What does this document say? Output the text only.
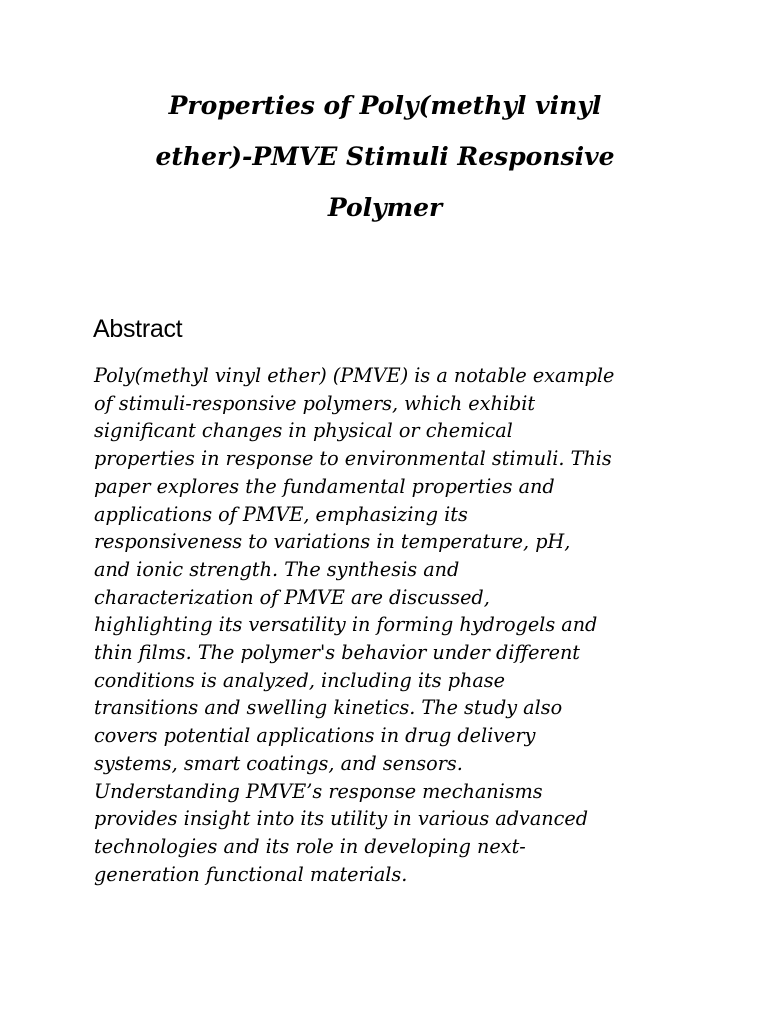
Properties of Poly(methyl vinyl
ether)-PMVE Stimuli Responsive
Polymer
Abstract
Poly(methyl vinyl ether) (PMVE) is a notable example
of stimuli-responsive polymers, which exhibit
significant changes in physical or chemical
properties in response to environmental stimuli. This
paper explores the fundamental properties and
applications of PMVE, emphasizing its
responsiveness to variations in temperature, pH,
and ionic strength. The synthesis and
characterization of PMVE are discussed,
highlighting its versatility in forming hydrogels and
thin films. The polymer's behavior under different
conditions is analyzed, including its phase
transitions and swelling kinetics. The study also
covers potential applications in drug delivery
systems, smart coatings, and sensors.
Understanding PMVE’s response mechanisms
provides insight into its utility in various advanced
technologies and its role in developing next-
generation functional materials.
